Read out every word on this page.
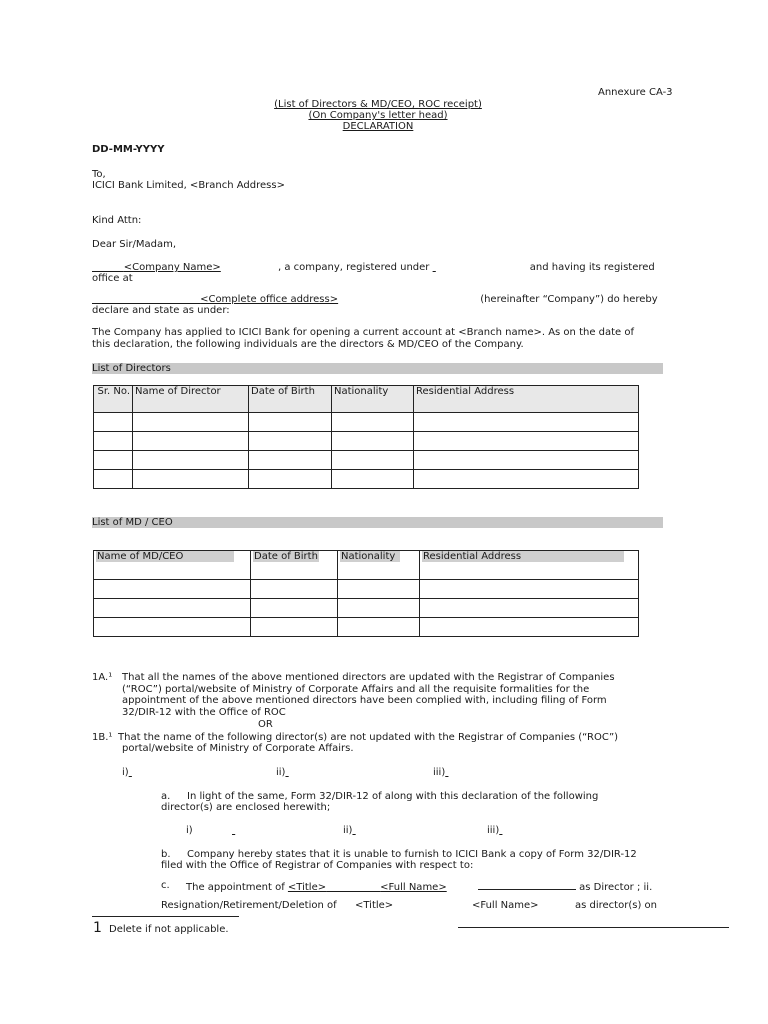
Annexure CA-3
(List of Directors & MD/CEO, ROC receipt)
(On Company's letter head)
DECLARATION
DD-MM-YYYY
To,
ICICI Bank Limited, <Branch Address>
Kind Attn:
Dear Sir/Madam,
<Company Name>	, a company, registered under	and having its registered
office at
<Complete office address>	(hereinafter “Company”) do hereby
declare and state as under:
The Company has applied to ICICI Bank for opening a current account at <Branch name>. As on the date of
this declaration, the following individuals are the directors & MD/CEO of the Company.
List of Directors
Sr. No.	Name of Director	Date of Birth	Nationality	Residential Address

List of MD / CEO
Name of MD/CEO	Date of Birth	Nationality	Residential Address

1A.¹ That all the names of the above mentioned directors are updated with the Registrar of Companies
(“ROC”) portal/website of Ministry of Corporate Affairs and all the requisite formalities for the
appointment of the above mentioned directors have been complied with, including filing of Form
32/DIR-12 with the Office of ROC
OR
1B.¹ That the name of the following director(s) are not updated with the Registrar of Companies (“ROC”)
portal/website of Ministry of Corporate Affairs.
i)	ii)	iii)
a. In light of the same, Form 32/DIR-12 of along with this declaration of the following
director(s) are enclosed herewith;
i)
	ii)	iii)
b. Company hereby states that it is unable to furnish to ICICI Bank a copy of Form 32/DIR-12
filed with the Office of Registrar of Companies with respect to:
c. The appointment of <Title>	<Full Name>	as Director ; ii.
Resignation/Retirement/Deletion of <Title>	<Full Name>	as director(s) on
1 Delete if not applicable.
